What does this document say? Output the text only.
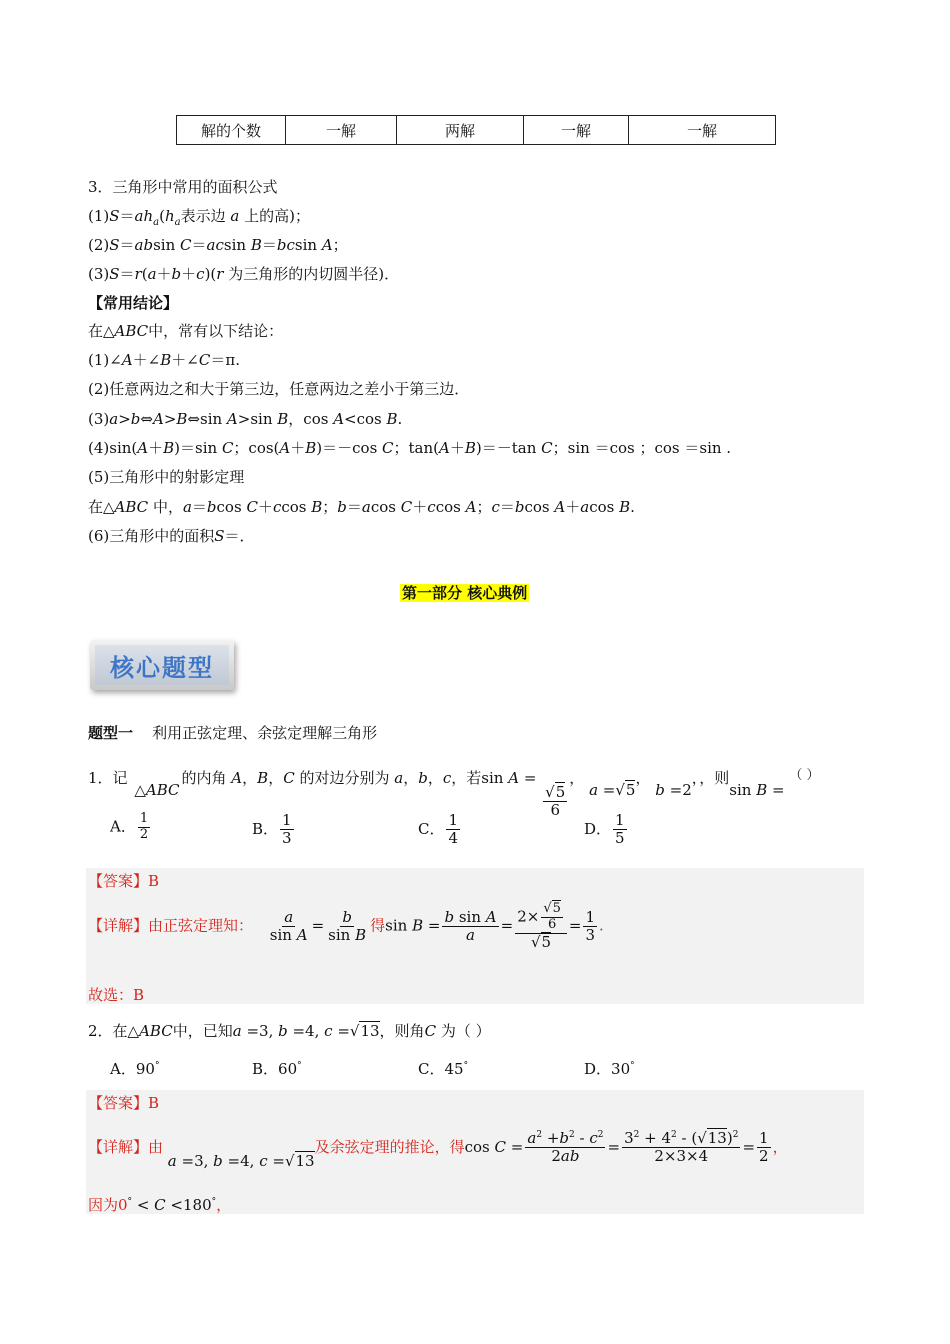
解的个数	一解	两解	一解	一解
3．三角形中常用的面积公式
$(1)S=ah_a(h_a$表示边 a 上的高)；
(2)S＝absin C＝acsin B＝bcsin A；
(3)S＝r(a＋b＋c)(r 为三角形的内切圆半径)．
【常用结论】
在△ABC中，常有以下结论：
(1)∠A＋∠B＋∠C＝π.
(2)任意两边之和大于第三边，任意两边之差小于第三边．
(3)a>b⇔A>B⇔sin A>sin B，cos A<cos B.
(4)sin(A＋B)＝sin C；cos(A＋B)＝－cos C；tan(A＋B)＝－tan C；sin ＝cos ；cos ＝sin .
(5)三角形中的射影定理
在△ABC 中，a＝bcos C＋ccos B；b＝acos C＋ccos A；c＝bcos A＋acos B.
(6)三角形中的面积S＝．
第一部分 核心典例
核心题型
题型一 利用正弦定理、余弦定理解三角形
1．记 △ABC的内角 A，B，C 的对边分别为 a，b，c，若sin A =
$\frac{√5}{6}$
， a =√5， b =2，，则sin B = （ ）
A． $\frac{1}{2}$	B． $\frac{1}{3}$	C． $\frac{1}{4}$	D． $\frac{1}{5}$
【答案】B
【详解】由正弦定理知： $\frac{a}{\text{sin A}} = \frac{b}{\text{sin B}}$ 得$\sin B = \frac{\text{b sin A}}{a} = \frac{2\times \frac{√5}{6}}{√5} = \frac{1}{3}$ .
故选：B
2．在△ABC中，已知a =3, b =4, c =√13，则角C 为（ ）
A．90°	B．60°	C．45°	D．30°
【答案】B
【详解】由 a =3, b =4, c =√13及余弦定理的推论，得$\cos C = \frac{a^2 +b^2 - c^2}{2ab} = \frac{3^2 + 4^2 - (√13)^2}{2\times 3\times 4} = \frac{1}{2}$ ，
因为0° < C <180°，
